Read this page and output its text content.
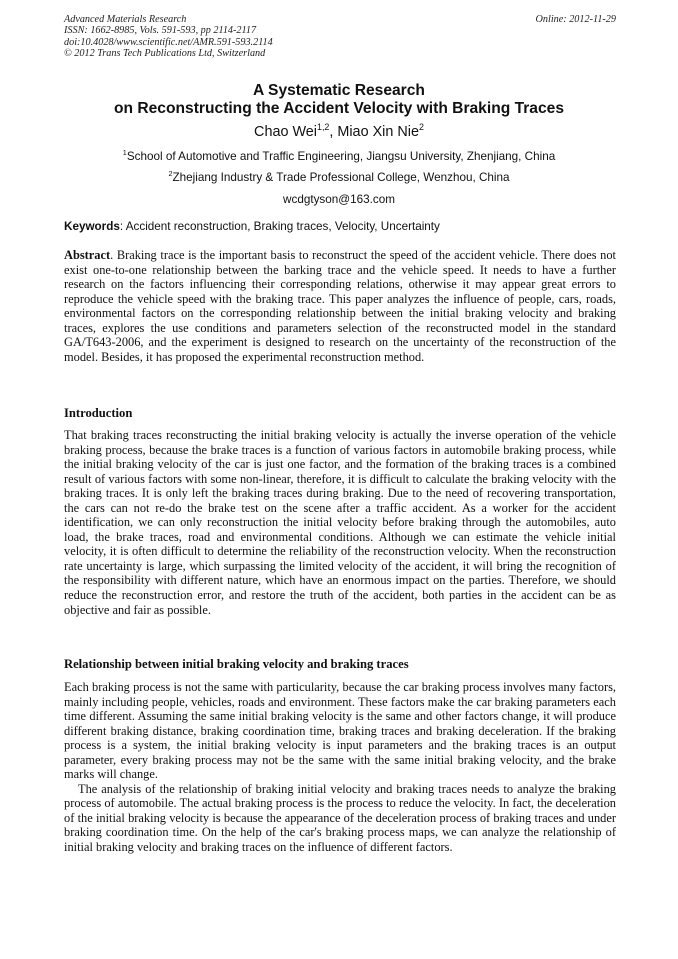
Advanced Materials Research
ISSN: 1662-8985, Vols. 591-593, pp 2114-2117
doi:10.4028/www.scientific.net/AMR.591-593.2114
© 2012 Trans Tech Publications Ltd, Switzerland
Online: 2012-11-29
A Systematic Research
on Reconstructing the Accident Velocity with Braking Traces
Chao Wei$^{1,2}$, Miao Xin Nie$^2$
$^1$School of Automotive and Traffic Engineering, Jiangsu University, Zhenjiang, China
$^2$Zhejiang Industry & Trade Professional College, Wenzhou, China
wcdgtyson@163.com
Keywords: Accident reconstruction, Braking traces, Velocity, Uncertainty
Abstract. Braking trace is the important basis to reconstruct the speed of the accident vehicle. There does not exist one-to-one relationship between the barking trace and the vehicle speed. It needs to have a further research on the factors influencing their corresponding relations, otherwise it may appear great errors to reproduce the vehicle speed with the braking trace. This paper analyzes the influence of people, cars, roads, environmental factors on the corresponding relationship between the initial braking velocity and braking traces, explores the use conditions and parameters selection of the reconstructed model in the standard GA/T643-2006, and the experiment is designed to research on the uncertainty of the reconstruction of the model. Besides, it has proposed the experimental reconstruction method.
Introduction
That braking traces reconstructing the initial braking velocity is actually the inverse operation of the vehicle braking process, because the brake traces is a function of various factors in automobile braking process, while the initial braking velocity of the car is just one factor, and the formation of the braking traces is a combined result of various factors with some non-linear, therefore, it is difficult to calculate the braking velocity with the braking traces. It is only left the braking traces during braking. Due to the need of recovering transportation, the cars can not re-do the brake test on the scene after a traffic accident. As a worker for the accident identification, we can only reconstruction the initial velocity before braking through the automobiles, auto load, the brake traces, road and environmental conditions. Although we can estimate the vehicle initial velocity, it is often difficult to determine the reliability of the reconstruction velocity. When the reconstruction rate uncertainty is large, which surpassing the limited velocity of the accident, it will bring the recognition of the responsibility with different nature, which have an enormous impact on the parties. Therefore, we should reduce the reconstruction error, and restore the truth of the accident, both parties in the accident can be as objective and fair as possible.
Relationship between initial braking velocity and braking traces
Each braking process is not the same with particularity, because the car braking process involves many factors, mainly including people, vehicles, roads and environment. These factors make the car braking parameters each time different. Assuming the same initial braking velocity is the same and other factors change, it will produce different braking distance, braking coordination time, braking traces and braking deceleration. If the braking process is a system, the initial braking velocity is input parameters and the braking traces is an output parameter, every braking process may not be the same with the same initial braking velocity, and the brake marks will change.
The analysis of the relationship of braking initial velocity and braking traces needs to analyze the braking process of automobile. The actual braking process is the process to reduce the velocity. In fact, the deceleration of the initial braking velocity is because the appearance of the deceleration process of braking traces and under braking coordination time. On the help of the car's braking process maps, we can analyze the relationship of initial braking velocity and braking traces on the influence of different factors.
